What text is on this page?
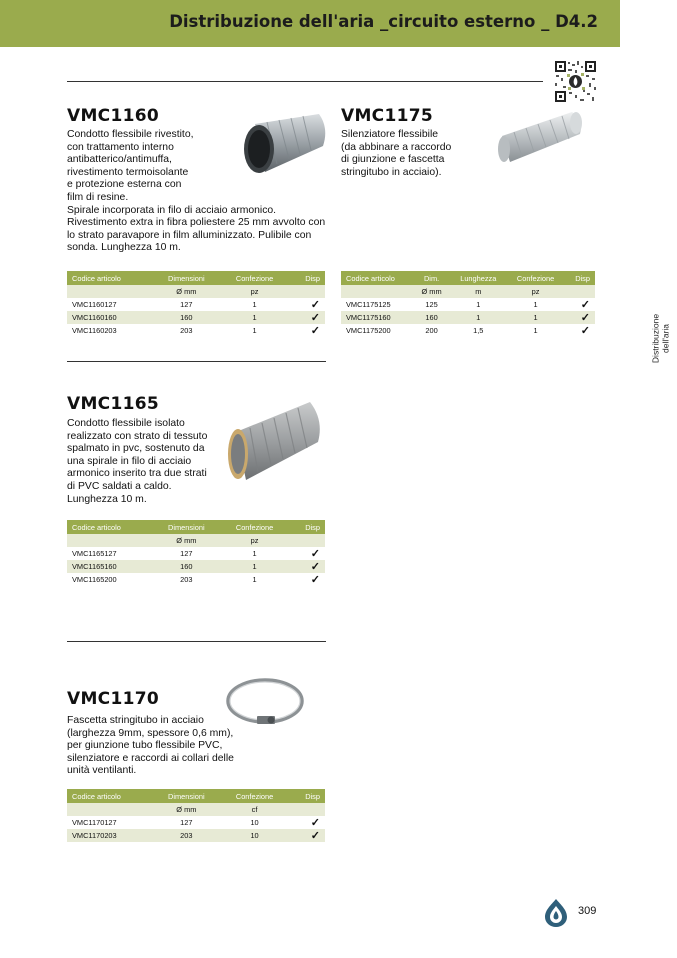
Distribuzione dell'aria _circuito esterno _ D4.2
VMC1160
Condotto flessibile rivestito,
con trattamento interno
antibatterico/antimuffa,
rivestimento termoisolante
e protezione esterna con
film di resine.
Spirale incorporata in filo di acciaio armonico.
Rivestimento extra in fibra poliestere 25 mm avvolto con
lo strato paravapore in film alluminizzato. Pulibile con
sonda. Lunghezza 10 m.
Codice articolo	Dimensioni	Confezione	Disp
	Ø mm	pz	
VMC1160127	127	1	✓
VMC1160160	160	1	✓
VMC1160203	203	1	✓
VMC1175
Silenziatore flessibile
(da abbinare a raccordo
di giunzione e fascetta
stringitubo in acciaio).
Codice articolo	Dim.	Lunghezza	Confezione	Disp
	Ø mm	m	pz	
VMC1175125	125	1	1	✓
VMC1175160	160	1	1	✓
VMC1175200	200	1,5	1	✓
VMC1165
Condotto flessibile isolato
realizzato con strato di tessuto
spalmato in pvc, sostenuto da
una spirale in filo di acciaio
armonico inserito tra due strati
di PVC saldati a caldo.
Lunghezza 10 m.
Codice articolo	Dimensioni	Confezione	Disp
	Ø mm	pz	
VMC1165127	127	1	✓
VMC1165160	160	1	✓
VMC1165200	203	1	✓
VMC1170
Fascetta stringitubo in acciaio
(larghezza 9mm, spessore 0,6 mm),
per giunzione tubo flessibile PVC,
silenziatore e raccordi ai collari delle
unità ventilanti.
Codice articolo	Dimensioni	Confezione	Disp
	Ø mm	cf	
VMC1170127	127	10	✓
VMC1170203	203	10	✓
Distribuzione dell'aria
309
